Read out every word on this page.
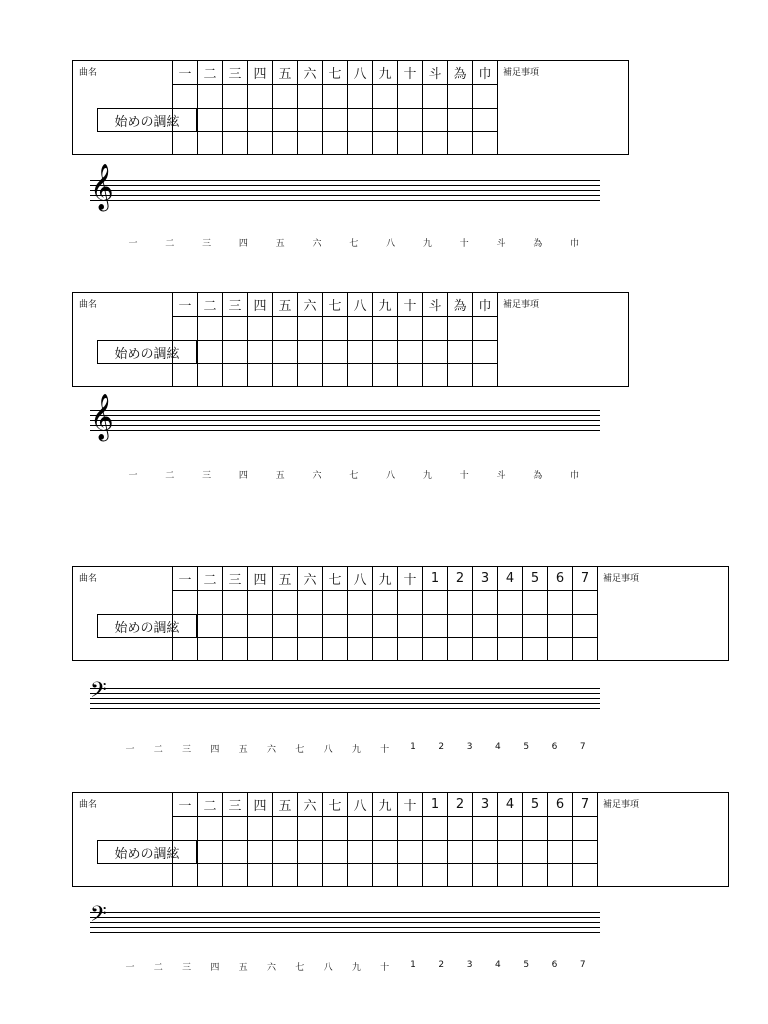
曲名
始めの調絃
一	二	三	四	五	六	七	八	九	十	斗	為	巾

												補足事項
𝄞
一	二	三	四	五	六	七	八	九	十	斗	為	巾
曲名
始めの調絃
一	二	三	四	五	六	七	八	九	十	斗	為	巾

												補足事項
𝄞
一	二	三	四	五	六	七	八	九	十	斗	為	巾
曲名
始めの調絃
一	二	三	四	五	六	七	八	九	十	1	2	3	4	5	6	7

																補足事項
𝄢
一 二 三 四 五 六 七 八 九 十 1	2	3	4	5	6	7
曲名
始めの調絃
一	二	三	四	五	六	七	八	九	十	1	2	3	4	5	6	7

																補足事項
𝄢
一 二 三 四 五 六 七 八 九 十 1	2	3	4	5	6	7
